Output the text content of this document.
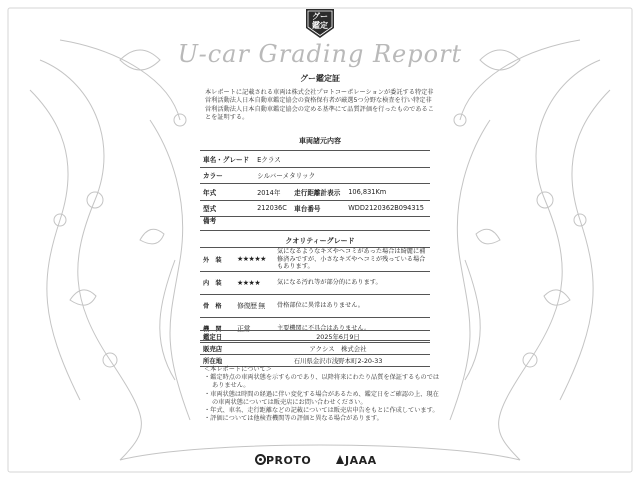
グー
鑑定
U-car Grading Report
グー鑑定証
本レポートに記載される車両は株式会社プロトコーポレーションが委託する特定非営利活動法人日本自動車鑑定協会の資格保有者が厳選5つ分野な検査を行い特定非営利活動法人日本自動車鑑定協会の定める基準にて品質評価を行ったものであることを証明する。
車両諸元内容
車名・グレード	Eクラス		
カラー	シルバーメタリック		
年式	2014年	走行距離計表示	106,831Km
型式	212036C	車台番号	WDD2120362B094315
備考
クオリティーグレード
外　装	★★★★★	気になるようなキズやヘコミがあった場合は綺麗に補修済みですが、小さなキズやヘコミが残っている場合もあります。
内　装	★★★★	気になる汚れ等が部分的にあります。
骨　格	修復歴 無	骨格部位に異常はありません。
機　関	正常	主要機関に不具合はありません。
鑑定日	2025年6月9日
販売店	アクシス　株式会社
所在地	石川県金沢市浅野本町2-20-33
＜本レポートについて＞
・鑑定時点の車両状態を示すものであり、以降将来にわたり品質を保証するものではありません。
・車両状態は時間の経過に伴い変化する場合があるため、鑑定日をご確認の上、現在の車両状態については販売店にお問い合わせください。
・年式、車名、走行距離などの記載については販売店申告をもとに作成しています。
・評価については他検査機関等の評価と異なる場合があります。
PROTO	JAAA
